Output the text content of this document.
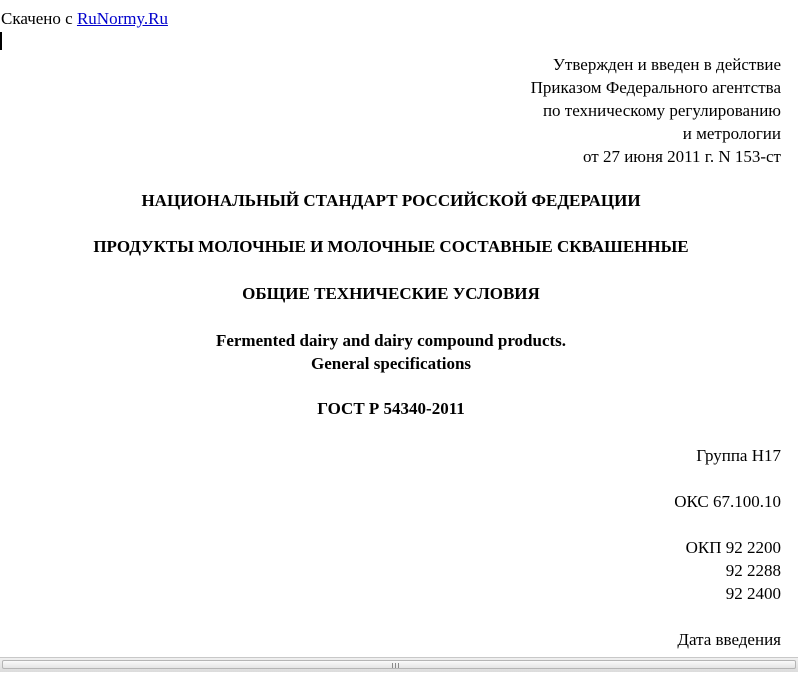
Скачено с RuNormy.Ru
Утвержден и введен в действие
Приказом Федерального агентства
по техническому регулированию
и метрологии
от 27 июня 2011 г. N 153-ст
НАЦИОНАЛЬНЫЙ СТАНДАРТ РОССИЙСКОЙ ФЕДЕРАЦИИ
ПРОДУКТЫ МОЛОЧНЫЕ И МОЛОЧНЫЕ СОСТАВНЫЕ СКВАШЕННЫЕ
ОБЩИЕ ТЕХНИЧЕСКИЕ УСЛОВИЯ
Fermented dairy and dairy compound products.
General specifications
ГОСТ Р 54340-2011
Группа Н17
ОКС 67.100.10
ОКП 92 2200
92 2288
92 2400
Дата введения
